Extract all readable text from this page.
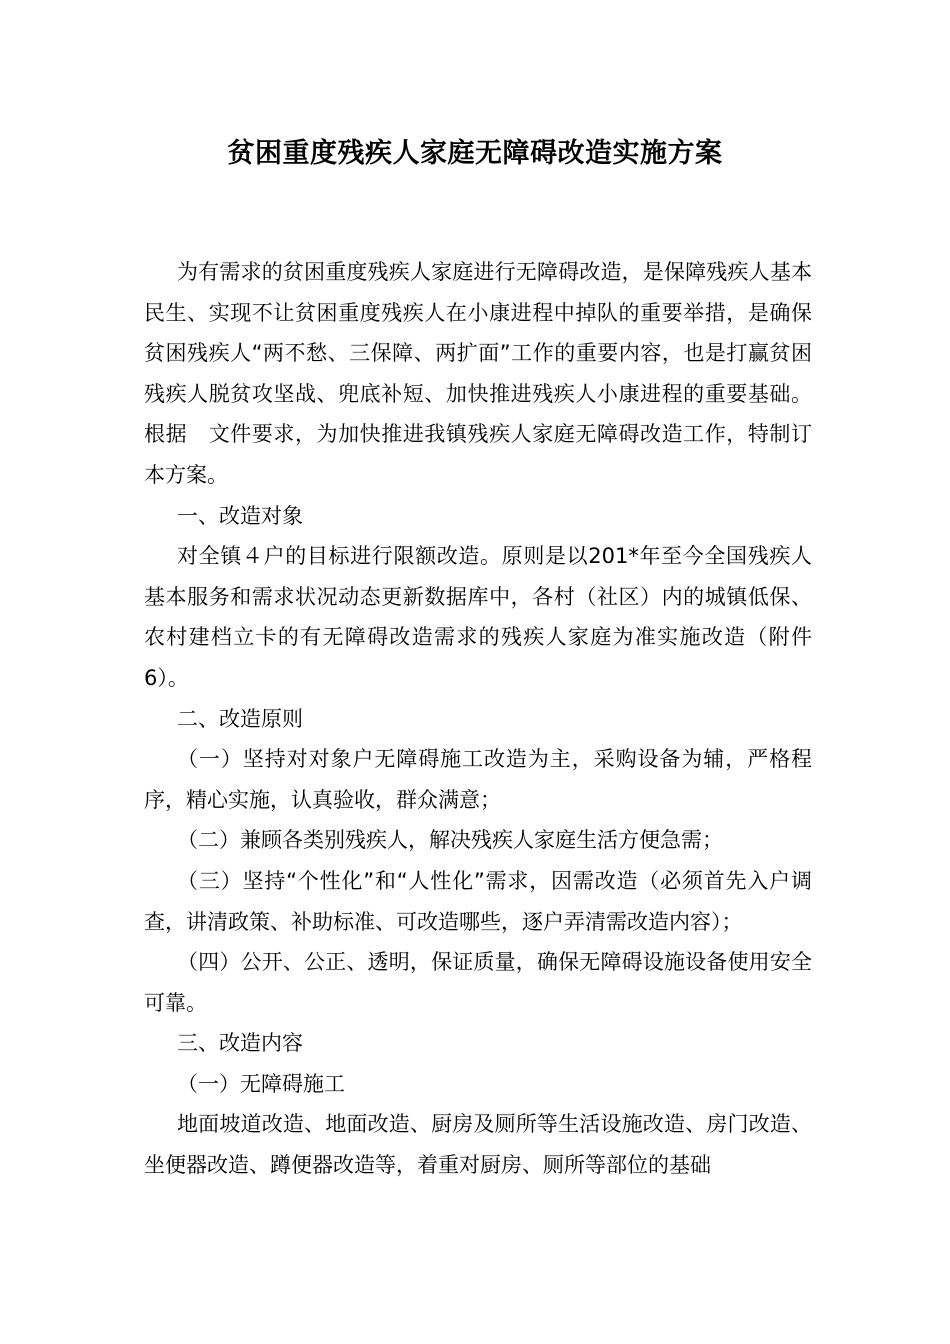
贫困重度残疾人家庭无障碍改造实施方案

为有需求的贫困重度残疾人家庭进行无障碍改造，是保障残疾人基本民生、实现不让贫困重度残疾人在小康进程中掉队的重要举措，是确保贫困残疾人“两不愁、三保障、两扩面”工作的重要内容，也是打赢贫困残疾人脱贫攻坚战、兜底补短、加快推进残疾人小康进程的重要基础。根据　文件要求，为加快推进我镇残疾人家庭无障碍改造工作，特制订本方案。

一、改造对象

对全镇４户的目标进行限额改造。原则是以201*年至今全国残疾人基本服务和需求状况动态更新数据库中，各村（社区）内的城镇低保、农村建档立卡的有无障碍改造需求的残疾人家庭为准实施改造（附件6）。

二、改造原则

（一）坚持对对象户无障碍施工改造为主，采购设备为辅，严格程序，精心实施，认真验收，群众满意；

（二）兼顾各类别残疾人，解决残疾人家庭生活方便急需；

（三）坚持“个性化”和“人性化”需求，因需改造（必须首先入户调查，讲清政策、补助标准、可改造哪些，逐户弄清需改造内容）；

（四）公开、公正、透明，保证质量，确保无障碍设施设备使用安全可靠。

三、改造内容

（一）无障碍施工

地面坡道改造、地面改造、厨房及厕所等生活设施改造、房门改造、坐便器改造、蹲便器改造等，着重对厨房、厕所等部位的基础
